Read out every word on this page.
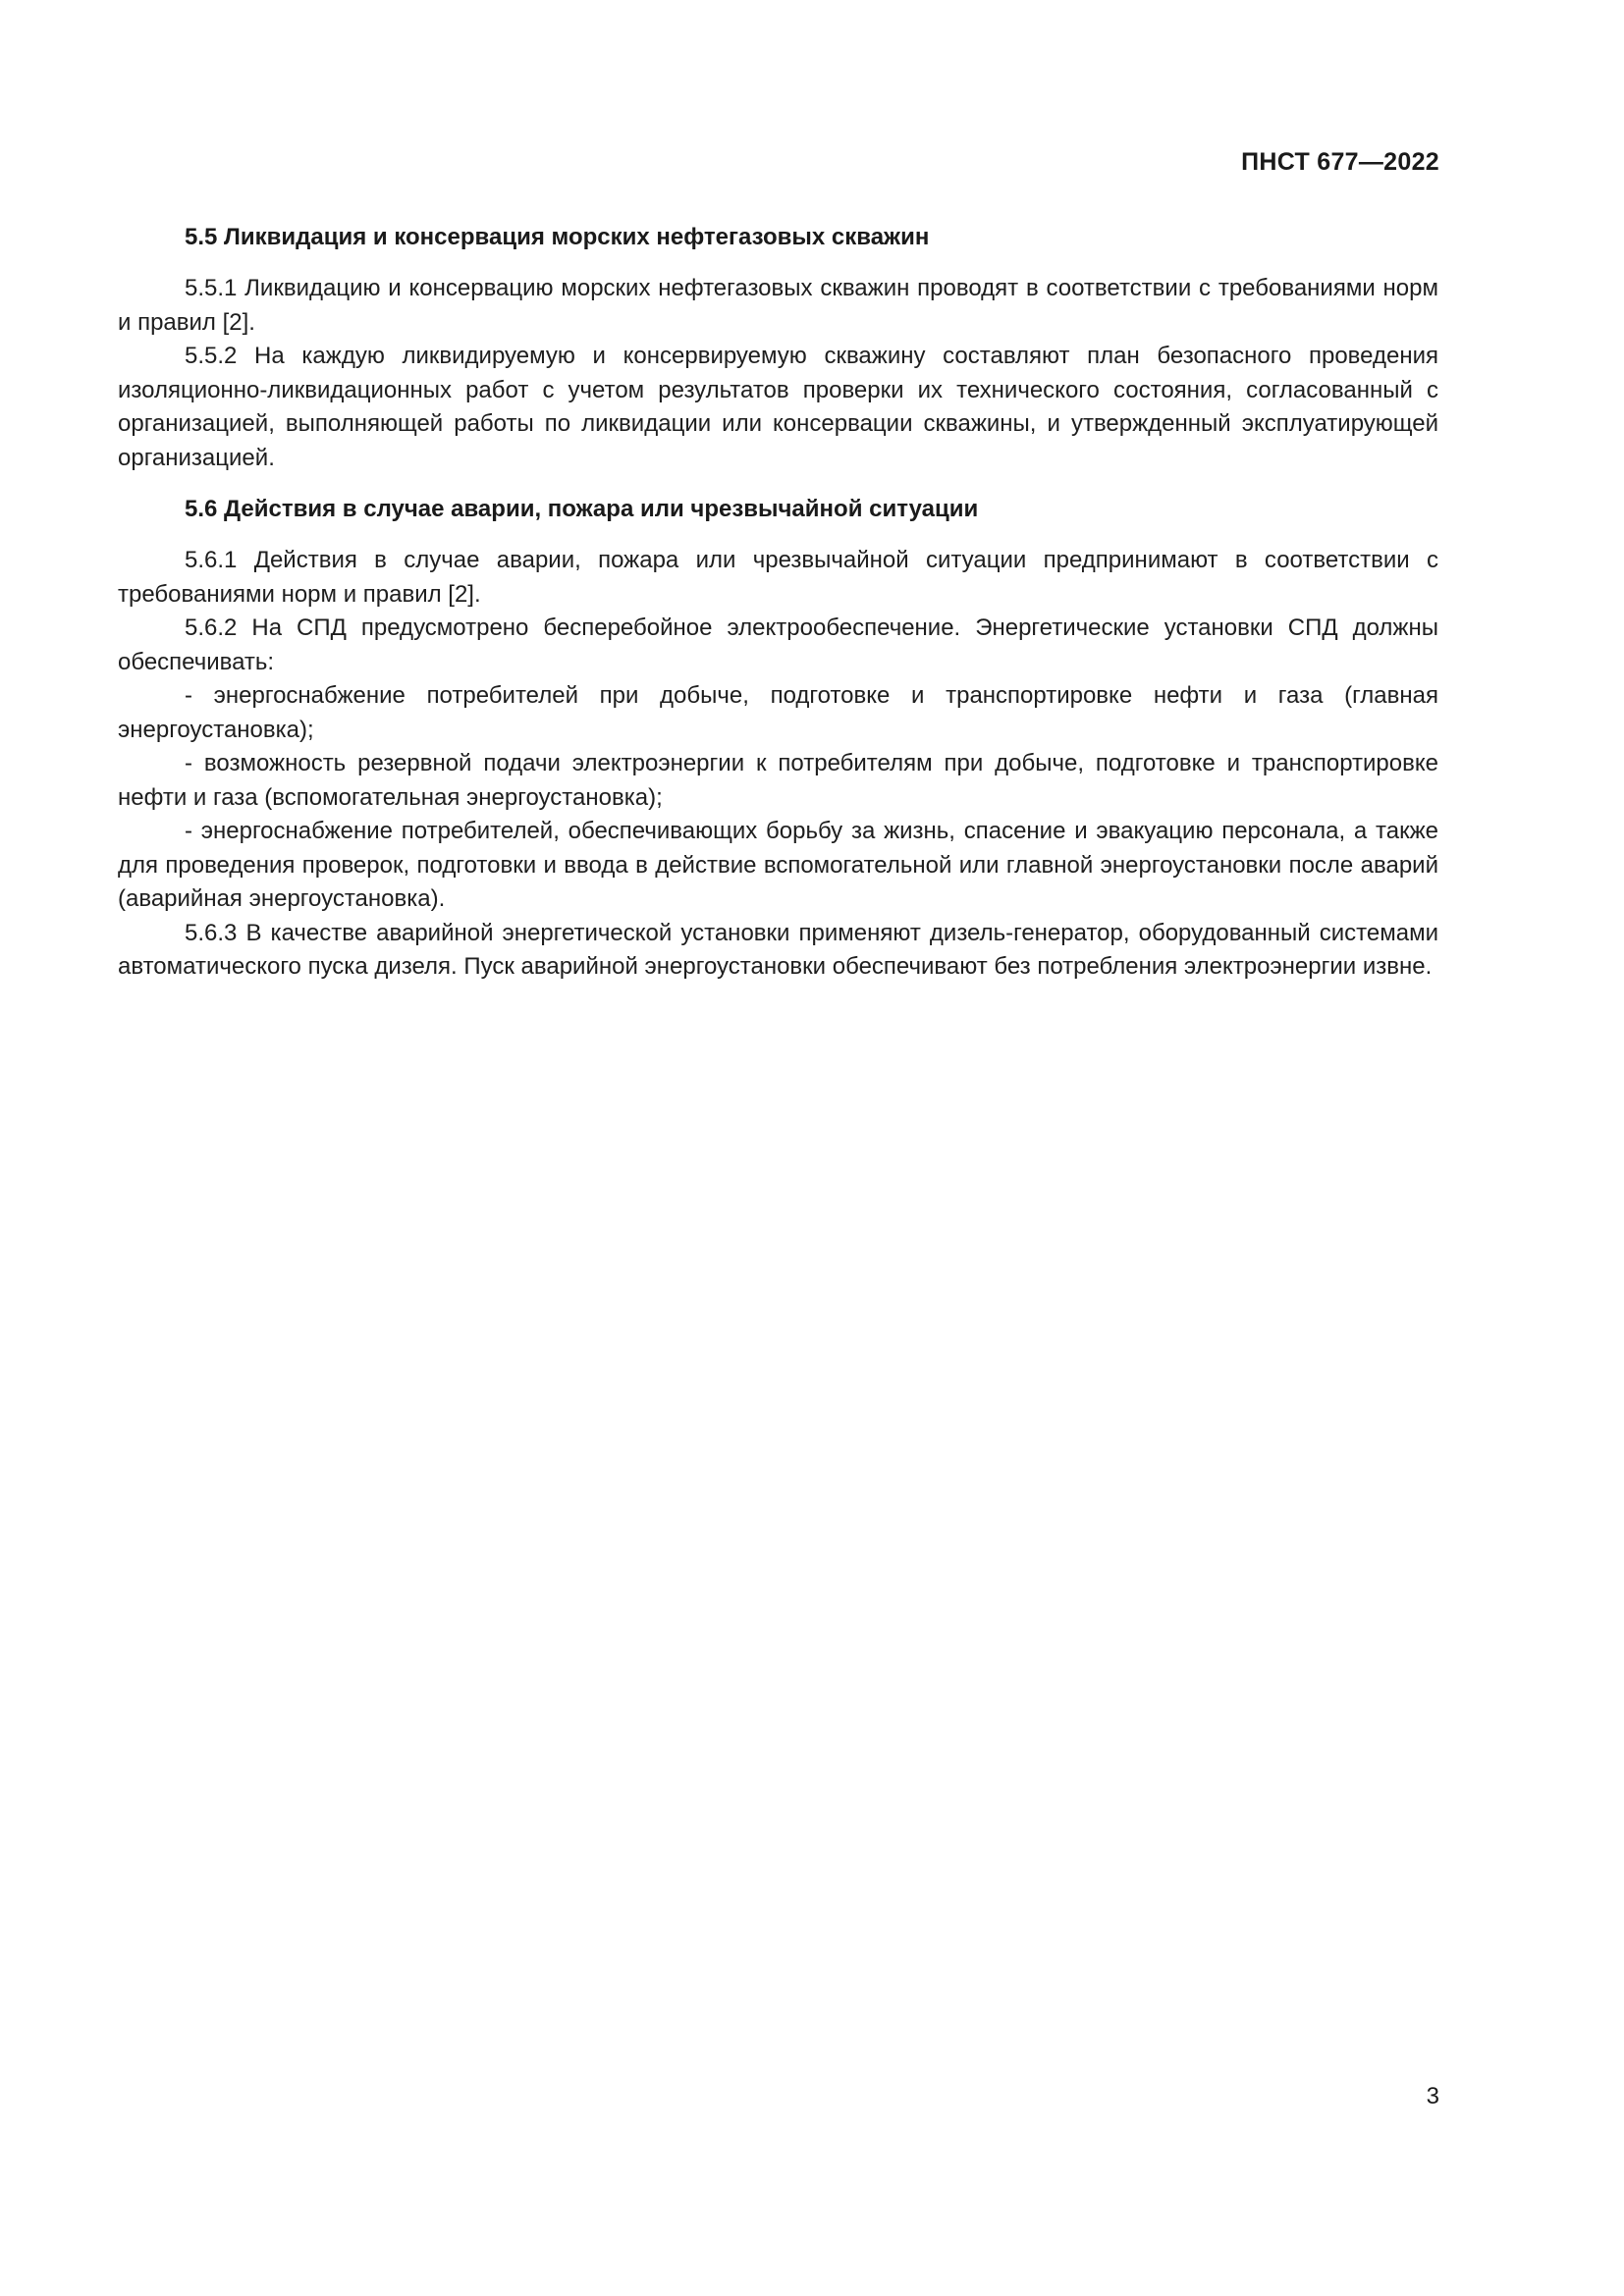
ПНСТ 677—2022
5.5 Ликвидация и консервация морских нефтегазовых скважин

5.5.1 Ликвидацию и консервацию морских нефтегазовых скважин проводят в соответствии с требованиями норм и правил [2].

5.5.2 На каждую ликвидируемую и консервируемую скважину составляют план безопасного проведения изоляционно-ликвидационных работ с учетом результатов проверки их технического состояния, согласованный с организацией, выполняющей работы по ликвидации или консервации скважины, и утвержденный эксплуатирующей организацией.

5.6 Действия в случае аварии, пожара или чрезвычайной ситуации

5.6.1 Действия в случае аварии, пожара или чрезвычайной ситуации предпринимают в соответствии с требованиями норм и правил [2].

5.6.2 На СПД предусмотрено бесперебойное электрообеспечение. Энергетические установки СПД должны обеспечивать:

- энергоснабжение потребителей при добыче, подготовке и транспортировке нефти и газа (главная энергоустановка);

- возможность резервной подачи электроэнергии к потребителям при добыче, подготовке и транспортировке нефти и газа (вспомогательная энергоустановка);

- энергоснабжение потребителей, обеспечивающих борьбу за жизнь, спасение и эвакуацию персонала, а также для проведения проверок, подготовки и ввода в действие вспомогательной или главной энергоустановки после аварий (аварийная энергоустановка).

5.6.3 В качестве аварийной энергетической установки применяют дизель-генератор, оборудованный системами автоматического пуска дизеля. Пуск аварийной энергоустановки обеспечивают без потребления электроэнергии извне.

3
